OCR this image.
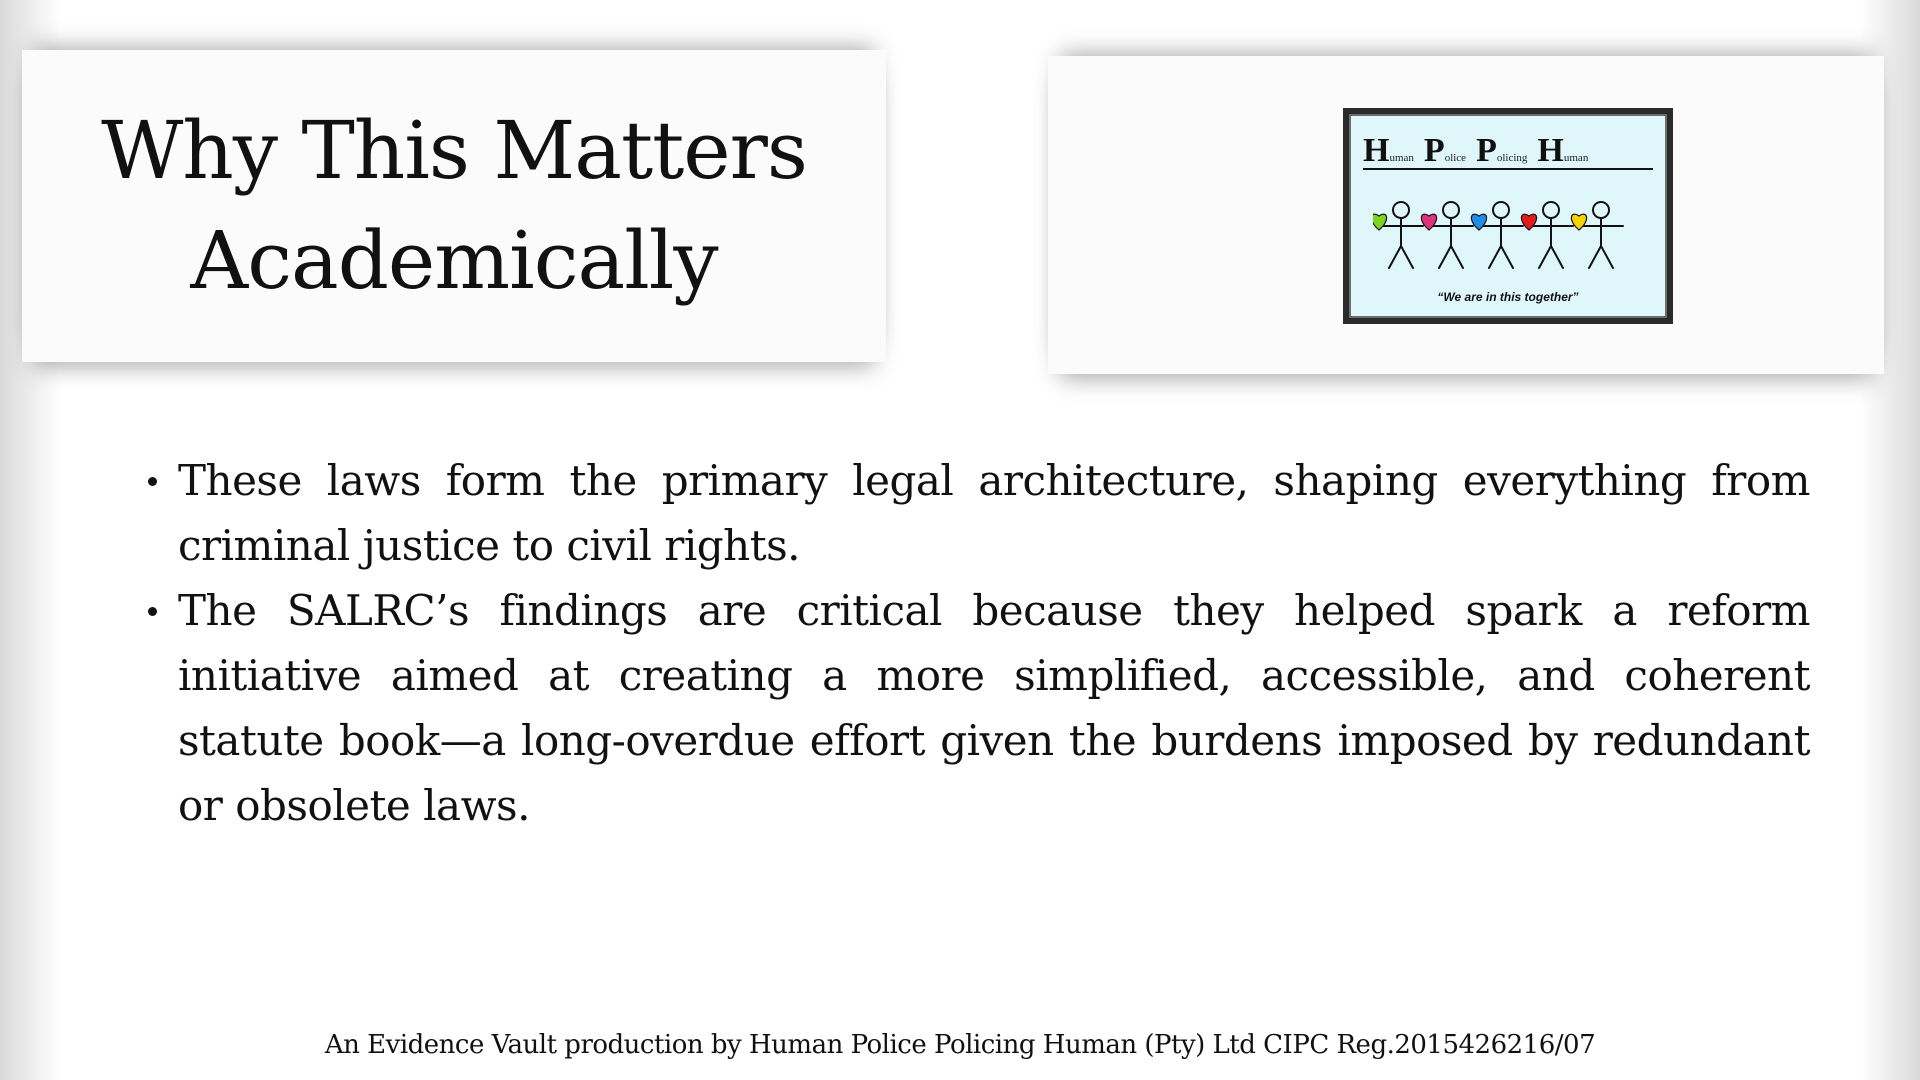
Why This Matters
Academically
Human Police Policing Human
“We are in this together”
These laws form the primary legal architecture, shaping everything from criminal justice to civil rights.
The SALRC’s findings are critical because they helped spark a reform initiative aimed at creating a more simplified, accessible, and coherent statute book—a long-overdue effort given the burdens imposed by redundant or obsolete laws.
An Evidence Vault production by Human Police Policing Human (Pty) Ltd CIPC Reg.2015426216/07
